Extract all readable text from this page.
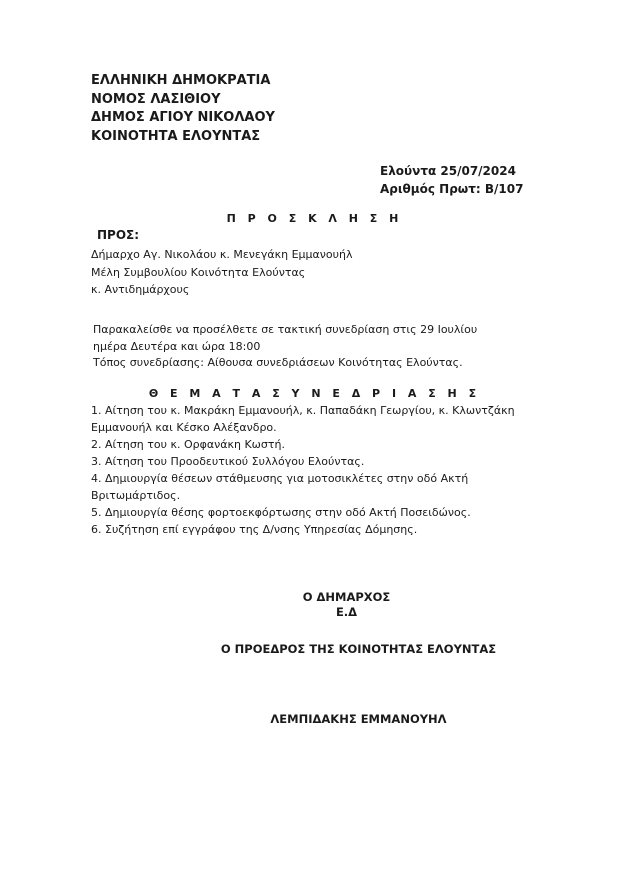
ΕΛΛΗΝΙΚΗ ΔΗΜΟΚΡΑΤΙΑ
ΝΟΜΟΣ ΛΑΣΙΘΙΟΥ
ΔΗΜΟΣ ΑΓΙΟΥ ΝΙΚΟΛΑΟΥ
ΚΟΙΝΟΤΗΤΑ ΕΛΟΥΝΤΑΣ
Ελούντα 25/07/2024
Αριθμός Πρωτ: Β/107
Π Ρ Ο Σ Κ Λ Η Σ Η
ΠΡΟΣ:
Δήμαρχο Αγ. Νικολάου κ. Μενεγάκη Εμμανουήλ
Μέλη Συμβουλίου Κοινότητα Ελούντας
κ. Αντιδημάρχους
Παρακαλείσθε να προσέλθετε σε τακτική συνεδρίαση στις 29 Ιουλίου
ημέρα Δευτέρα και ώρα 18:00
Τόπος συνεδρίασης: Αίθουσα συνεδριάσεων Κοινότητας Ελούντας.
Θ Ε Μ Α Τ Α Σ Υ Ν Ε Δ Ρ Ι Α Σ Η Σ
1. Αίτηση του κ. Μακράκη Εμμανουήλ, κ. Παπαδάκη Γεωργίου, κ. Κλωντζάκη
Εμμανουήλ και Κέσκο Αλέξανδρο.
2. Αίτηση του κ. Ορφανάκη Κωστή.
3. Αίτηση του Προοδευτικού Συλλόγου Ελούντας.
4. Δημιουργία θέσεων στάθμευσης για μοτοσικλέτες στην οδό Ακτή
Βριτωμάρτιδος.
5. Δημιουργία θέσης φορτοεκφόρτωσης στην οδό Ακτή Ποσειδώνος.
6. Συζήτηση επί εγγράφου της Δ/νσης Υπηρεσίας Δόμησης.
Ο ΔΗΜΑΡΧΟΣ
Ε.Δ
Ο ΠΡΟΕΔΡΟΣ ΤΗΣ ΚΟΙΝΟΤΗΤΑΣ ΕΛΟΥΝΤΑΣ
ΛΕΜΠΙΔΑΚΗΣ ΕΜΜΑΝΟΥΗΛ
